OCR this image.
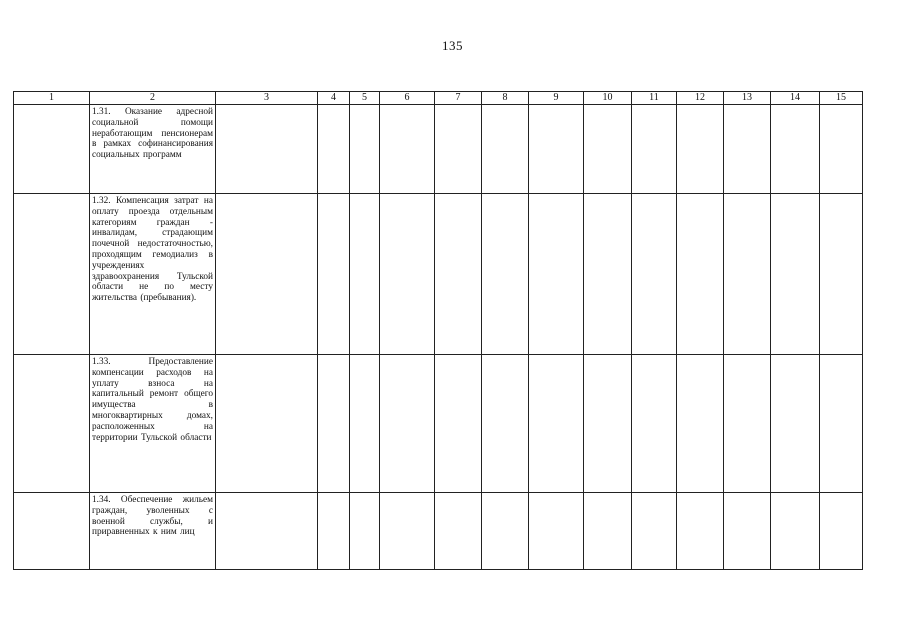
135
1	2	3	4	5	6	7	8	9	10	11	12	13	14	15
	1.31. Оказание адресной социальной помощи неработающим пенсионерам в рамках софинансирования социальных программ													
	1.32. Компенсация затрат на оплату проезда отдельным категориям граждан - инвалидам, страдающим почечной недостаточностью, проходящим гемодиализ в учреждениях здравоохранения Тульской области не по месту жительства (пребывания).													
	1.33. Предоставление компенсации расходов на уплату взноса на капитальный ремонт общего имущества в многоквартирных домах, расположенных на территории Тульской области													
	1.34. Обеспечение жильем граждан, уволенных с военной службы, и приравненных к ним лиц													
